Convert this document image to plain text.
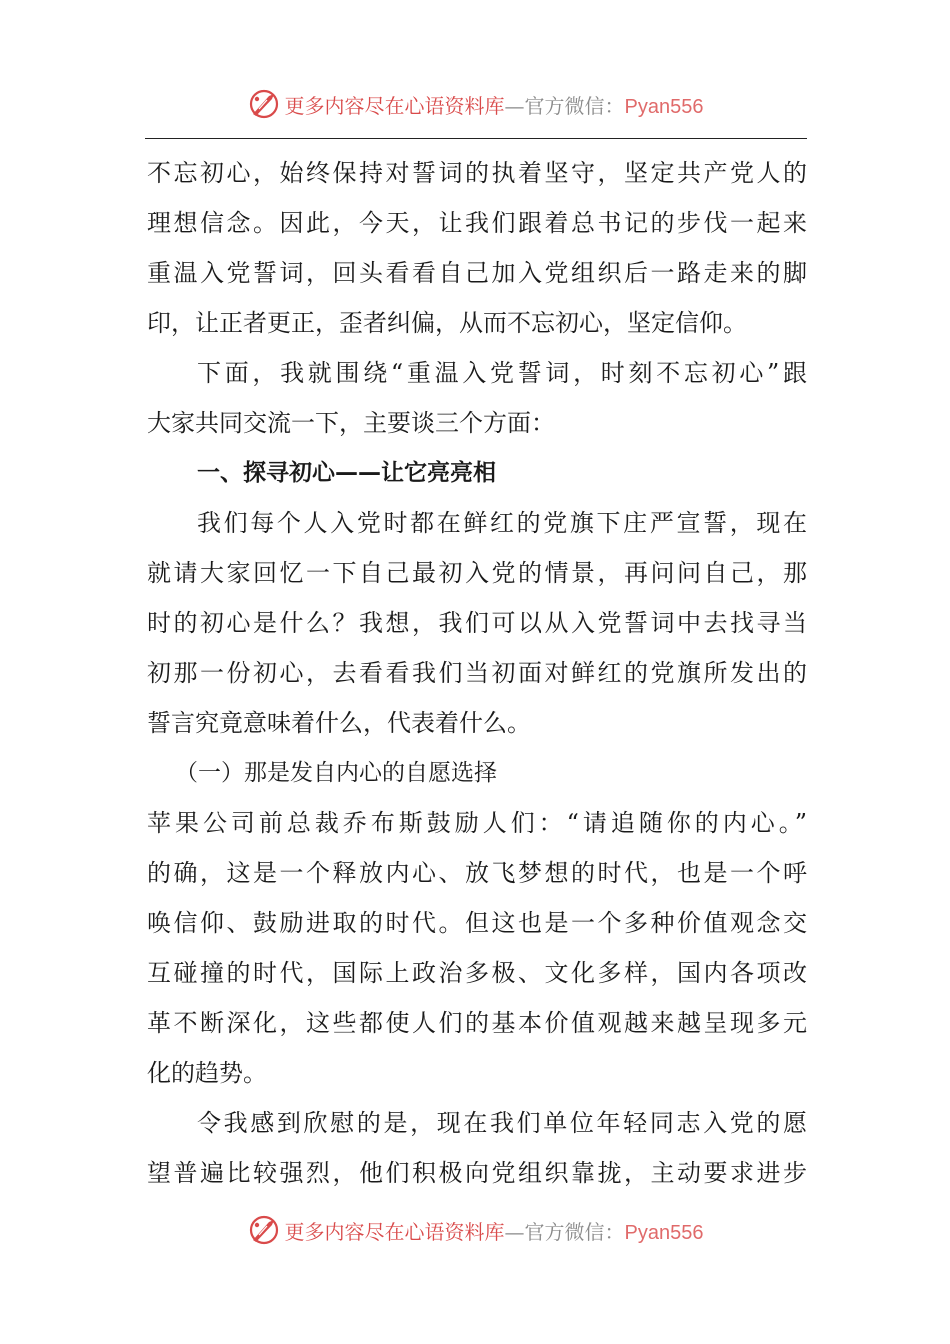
更多内容尽在心语资料库—官方微信：Pyan556
不忘初心，始终保持对誓词的执着坚守，坚定共产党人的
理想信念。因此，今天，让我们跟着总书记的步伐一起来
重温入党誓词，回头看看自己加入党组织后一路走来的脚
印，让正者更正，歪者纠偏，从而不忘初心，坚定信仰。
下面，我就围绕“重温入党誓词，时刻不忘初心”跟
大家共同交流一下，主要谈三个方面：
一、探寻初心——让它亮亮相
我们每个人入党时都在鲜红的党旗下庄严宣誓，现在
就请大家回忆一下自己最初入党的情景，再问问自己，那
时的初心是什么？我想，我们可以从入党誓词中去找寻当
初那一份初心，去看看我们当初面对鲜红的党旗所发出的
誓言究竟意味着什么，代表着什么。
（一）那是发自内心的自愿选择
苹果公司前总裁乔布斯鼓励人们：“请追随你的内心。”
的确，这是一个释放内心、放飞梦想的时代，也是一个呼
唤信仰、鼓励进取的时代。但这也是一个多种价值观念交
互碰撞的时代，国际上政治多极、文化多样，国内各项改
革不断深化，这些都使人们的基本价值观越来越呈现多元
化的趋势。
令我感到欣慰的是，现在我们单位年轻同志入党的愿
望普遍比较强烈，他们积极向党组织靠拢，主动要求进步
更多内容尽在心语资料库—官方微信：Pyan556
